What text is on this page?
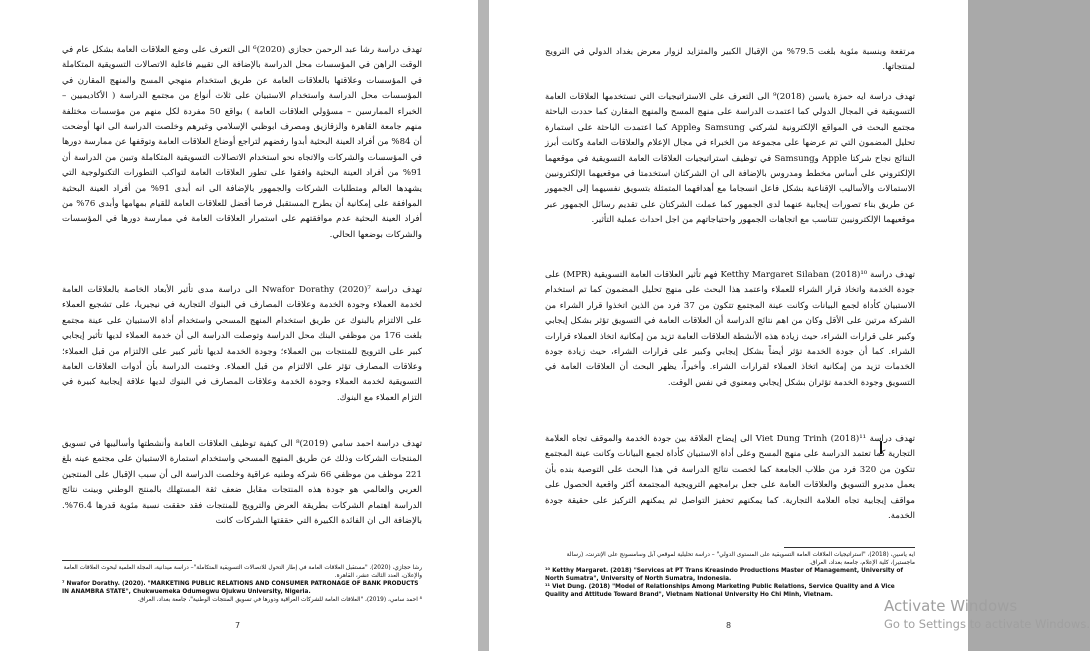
تهدف دراسة رشا عبد الرحمن حجازي (2020)⁶ الى التعرف على وضع العلاقات العامة بشكل عام في الوقت الراهن في المؤسسات محل الدراسة بالإضافة الى تقييم فاعلية الاتصالات التسويقية المتكاملة في المؤسسات وعلاقتها بالعلاقات العامة عن طريق استخدام منهجي المسح والمنهج المقارن في المؤسسات محل الدراسة واستخدام الاستبيان على ثلاث أنواع من مجتمع الدراسة ( الأكاديميين – الخبراء الممارسين – مسؤولي العلاقات العامة ) بواقع 50 مفردة لكل منهم من مؤسسات مختلفة منهم جامعة القاهرة والزقازيق ومصرف ابوظبي الإسلامي وغيرهم وخلصت الدراسة الى انها أوضحت أن 84% من أفراد العينة البحثية أبدوا رفضهم لتراجع أوضاع العلاقات العامة وتوقفها عن ممارسة دورها في المؤسسات والشركات والاتجاه نحو استخدام الاتصالات التسويقية المتكاملة وتبين من الدراسة أن 91% من أفراد العينة البحثية وافقوا على تطور العلاقات العامة لتواكب التطورات التكنولوجية التي يشهدها العالم ومتطلبات الشركات والجمهور بالإضافة الى انه أبدى 91% من أفراد العينة البحثية الموافقة على إمكانية أن يطرح المستقبل فرصا أفضل للعلاقات العامة للقيام بمهامها وأبدى 76% من أفراد العينة البحثية عدم موافقتهم على استمرار العلاقات العامة في ممارسة دورها في المؤسسات والشركات بوضعها الحالي.

تهدف دراسة Nwafor Dorathy (2020)⁷ الى دراسة مدى تأثير الأبعاد الخاصة بالعلاقات العامة لخدمة العملاء وجودة الخدمة وعلاقات المصارف في البنوك التجارية في نيجيريا، على تشجيع العملاء على الالتزام بالبنوك عن طريق استخدام المنهج المسحي واستخدام أداة الاستبيان على عينة مجتمع بلغت 176 من موظفي البنك محل الدراسة وتوصلت الدراسة الى أن خدمة العملاء لديها تأثير إيجابي كبير على الترويج للمنتجات بين العملاء؛ وجودة الخدمة لديها تأثير كبير على الالتزام من قبل العملاء؛ وعلاقات المصارف تؤثر على الالتزام من قبل العملاء. وختمت الدراسة بأن أدوات العلاقات العامة التسويقية لخدمة العملاء وجودة الخدمة وعلاقات المصارف في البنوك لديها علاقة إيجابية كبيرة في التزام العملاء مع البنوك.

تهدف دراسة احمد سامي (2019)⁸ الى كيفية توظيف العلاقات العامة وأنشطتها وأساليبها في تسويق المنتجات الشركات وذلك عن طريق المنهج المسحي واستخدام استمارة الاستبيان على مجتمع عينه بلغ 221 موظف من موظفي 66 شركه وطنيه عراقية وخلصت الدراسة الى أن سبب الإقبال على المنتجين العربي والعالمي هو جودة هذه المنتجات مقابل ضعف ثقة المستهلك بالمنتج الوطني وبينت نتائج الدراسة اهتمام الشركات بطريقة العرض والترويج للمنتجات فقد حققت نسبة مئوية قدرها 76.4%. بالإضافة الى ان الفائدة الكبيرة التي حققتها الشركات كانت

رشا حجازي، (2020). "مستقبل العلاقات العامة في إطار التحول للاتصالات التسويقية المتكاملة"– دراسة ميدانية، المجلة العلمية لبحوث العلاقات العامة والإعلان، العدد الثالث عشر، القاهرة.

⁷ Nwafor Dorathy. (2020). "MARKETING PUBLIC RELATIONS AND CONSUMER PATRONAGE OF BANK PRODUCTS IN ANAMBRA STATE", Chukwuemeka Odumegwu Ojukwu University, Nigeria.

⁸ احمد سامي، (2019)، "العلاقات العامة للشركات العراقية ودورها في تسويق المنتجات الوطنية"، جامعة بغداد، العراق.

7

مرتفعة وبنسبة مئوية بلغت 79.5% من الإقبال الكبير والمتزايد لزوار معرض بغداد الدولي في الترويج لمنتجاتها.

تهدف دراسة ايه حمزة ياسين (2018)⁹ الى التعرف على الاستراتيجيات التي تستخدمها العلاقات العامة التسويقية في المجال الدولي كما اعتمدت الدراسة على منهج المسح والمنهج المقارن كما حددت الباحثة مجتمع البحث في المواقع الإلكترونية لشركتي Samsung وApple كما اعتمدت الباحثة على استمارة تحليل المضمون التي تم عرضها على مجموعة من الخبراء في مجال الإعلام والعلاقات العامة وكانت أبرز النتائج نجاح شركتا Apple وSamsung في توظيف استراتيجيات العلاقات العامة التسويقية في موقعهما الإلكتروني على أساس مخطط ومدروس بالإضافة الى ان الشركتان استخدمتا في موقعيهما الإلكترونيين الاستمالات والأساليب الإقناعية بشكل فاعل انسجاما مع أهدافهما المتمثلة بتسويق نفسيهما إلى الجمهور عن طريق بناء تصورات إيجابية عنهما لدى الجمهور كما عملت الشركتان على تقديم رسائل الجمهور عبر موقعيهما الإلكترونيين تتناسب مع اتجاهات الجمهور واحتياجاتهم من اجل احداث عملية التأثير.

تهدف دراسة Ketthy Margaret Silaban (2018)¹⁰ فهم تأثير العلاقات العامة التسويقية (MPR) على جودة الخدمة واتخاذ قرار الشراء للعملاء واعتمد هذا البحث على منهج تحليل المضمون كما تم استخدام الاستبيان كأداة لجمع البيانات وكانت عينة المجتمع تتكون من 37 فرد من الذين اتخذوا قرار الشراء من الشركة مرتين على الأقل وكان من اهم نتائج الدراسة أن العلاقات العامة في التسويق تؤثر بشكل إيجابي وكبير على قرارات الشراء، حيث زيادة هذه الأنشطة العلاقات العامة تزيد من إمكانية اتخاذ العملاء قرارات الشراء. كما أن جودة الخدمة تؤثر أيضاً بشكل إيجابي وكبير على قرارات الشراء، حيث زيادة جودة الخدمات تزيد من إمكانية اتخاذ العملاء لقرارات الشراء. وأخيراً، يظهر البحث أن العلاقات العامة في التسويق وجودة الخدمة تؤثران بشكل إيجابي ومعنوي في نفس الوقت.

تهدف دراسة Viet Dung Trinh (2018)¹¹ الى إيضاح العلاقة بين جودة الخدمة والموقف تجاه العلامة التجارية كما تعتمد الدراسة على منهج المسح وعلى أداة الاستبيان كأداة لجمع البيانات وكانت عينة المجتمع تتكون من 320 فرد من طلاب الجامعة كما لخصت نتائج الدراسة في هذا البحث على التوصية بنده بأن يعمل مديرو التسويق والعلاقات العامة على جعل برامجهم الترويجية المجتمعة أكثر واقعية الحصول على مواقف إيجابية تجاه العلامة التجارية. كما يمكنهم تحفيز التواصل ثم يمكنهم التركيز على حقيقة جودة الخدمة.

ايه ياسين، (2018)، "استراتيجيات العلاقات العامة التسويقية على المستوى الدولي" – دراسة تحليلية لموقعي آبل وسامسونج على الإنترنت، (رسالة ماجستير)، كلية الإعلام، جامعة بغداد، العراق.

¹⁰ Ketthy Margaret. (2018) "Services at PT Trans Kreasindo Productions Master of Management, University of North Sumatra", University of North Sumatra, Indonesia.

¹¹ Viet Dung. (2018) "Model of Relationships Among Marketing Public Relations, Service Quality and A Vice Quality and Attitude Toward Brand", Vietnam National University Ho Chi Minh, Vietnam.

8
Activate Windows
Go to Settings to activate Windows.
